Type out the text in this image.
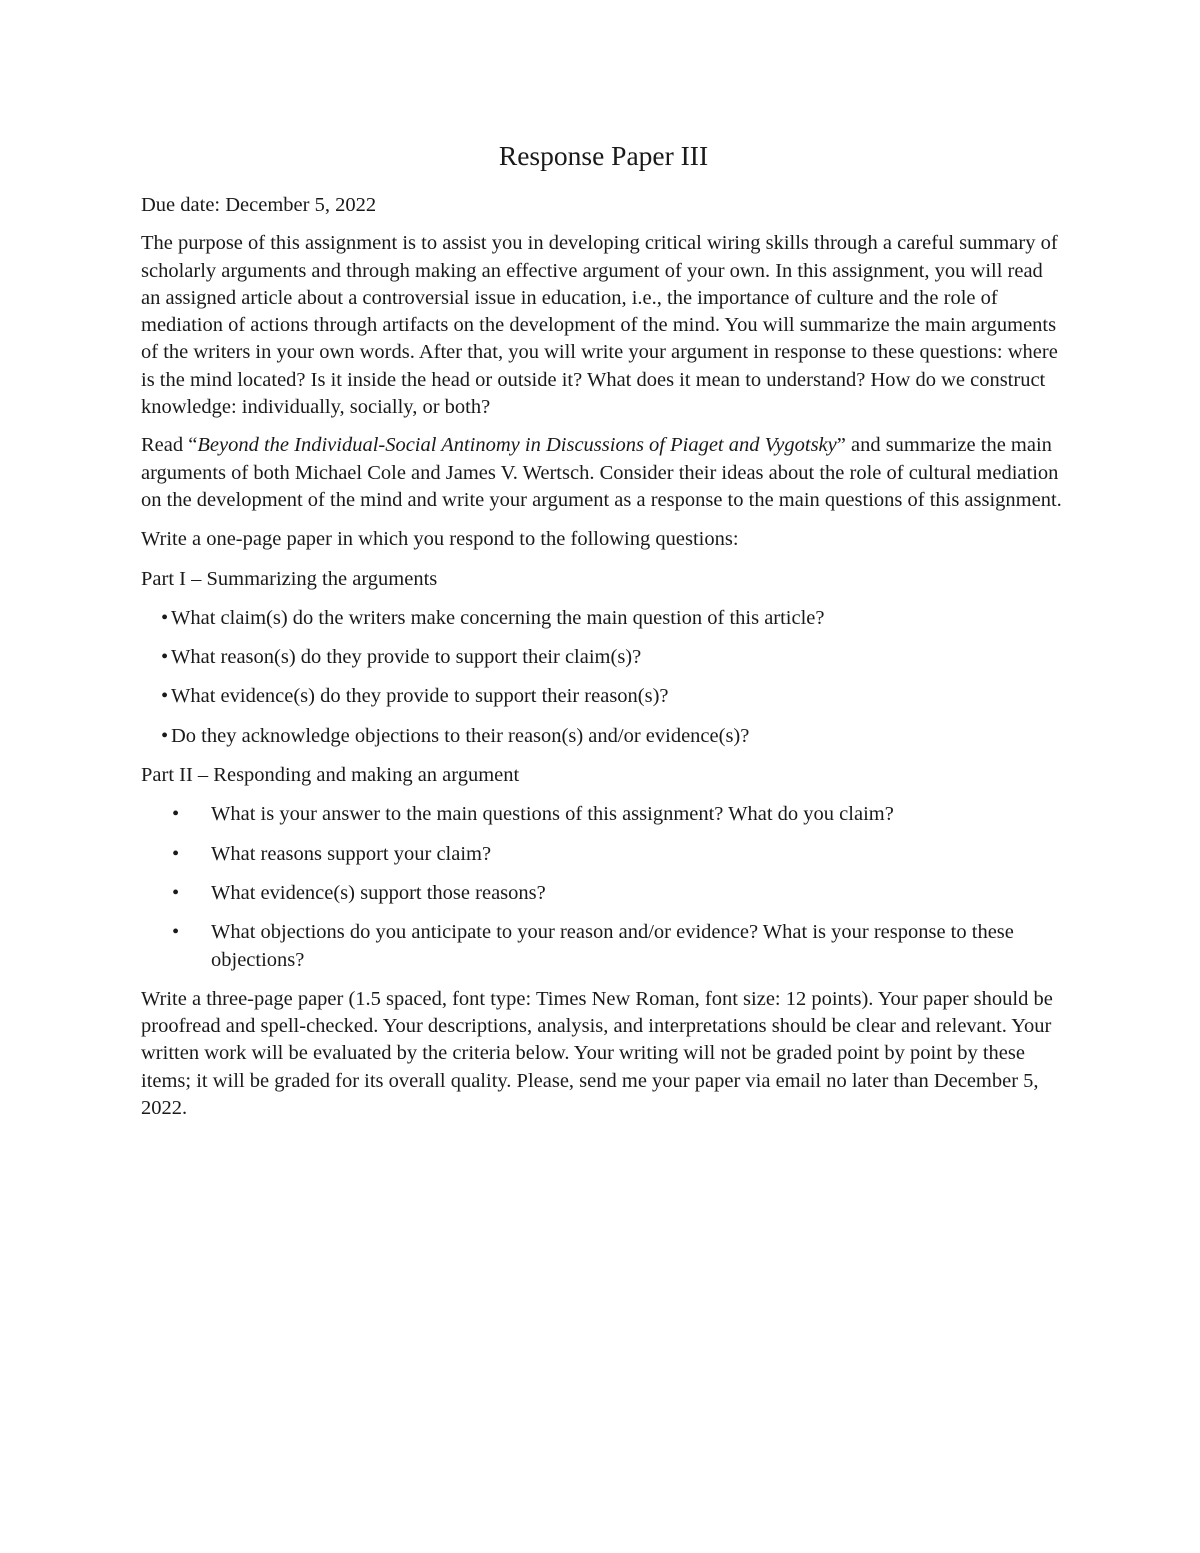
Response Paper III

Due date: December 5, 2022

The purpose of this assignment is to assist you in developing critical wiring skills through a careful summary of scholarly arguments and through making an effective argument of your own. In this assignment, you will read an assigned article about a controversial issue in education, i.e., the importance of culture and the role of mediation of actions through artifacts on the development of the mind. You will summarize the main arguments of the writers in your own words. After that, you will write your argument in response to these questions: where is the mind located? Is it inside the head or outside it? What does it mean to understand? How do we construct knowledge: individually, socially, or both?

Read “Beyond the Individual-Social Antinomy in Discussions of Piaget and Vygotsky” and summarize the main arguments of both Michael Cole and James V. Wertsch. Consider their ideas about the role of cultural mediation on the development of the mind and write your argument as a response to the main questions of this assignment.

Write a one-page paper in which you respond to the following questions:

Part I – Summarizing the arguments

• What claim(s) do the writers make concerning the main question of this article?
• What reason(s) do they provide to support their claim(s)?
• What evidence(s) do they provide to support their reason(s)?
• Do they acknowledge objections to their reason(s) and/or evidence(s)?

Part II – Responding and making an argument

• What is your answer to the main questions of this assignment? What do you claim?
• What reasons support your claim?
• What evidence(s) support those reasons?
• What objections do you anticipate to your reason and/or evidence? What is your response to these objections?

Write a three-page paper (1.5 spaced, font type: Times New Roman, font size: 12 points). Your paper should be proofread and spell-checked. Your descriptions, analysis, and interpretations should be clear and relevant. Your written work will be evaluated by the criteria below. Your writing will not be graded point by point by these items; it will be graded for its overall quality. Please, send me your paper via email no later than December 5, 2022.
